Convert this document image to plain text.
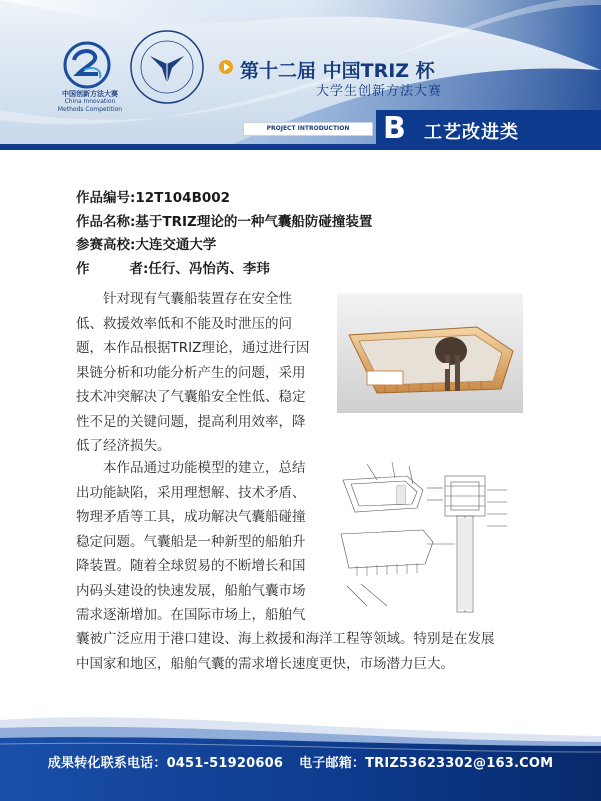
中国创新方法大赛
China Innovation
Methods Competition
第十二届 中国TRIZ 杯
大学生创新方法大赛
PROJECT INTRODUCTION	B 工艺改进类
作品编号:12T104B002
作品名称:基于TRIZ理论的一种气囊船防碰撞装置
参赛高校:大连交通大学
作	者:任行、冯怡芮、李玮
　　针对现有气囊船装置存在安全性
低、救援效率低和不能及时泄压的问
题，本作品根据TRIZ理论，通过进行因
果链分析和功能分析产生的问题，采用
技术冲突解决了气囊船安全性低、稳定
性不足的关键问题，提高利用效率，降
低了经济损失。
　　本作品通过功能模型的建立，总结
出功能缺陷，采用理想解、技术矛盾、
物理矛盾等工具，成功解决气囊船碰撞
稳定问题。气囊船是一种新型的船舶升
降装置。随着全球贸易的不断增长和国
内码头建设的快速发展，船舶气囊市场
需求逐渐增加。在国际市场上，船舶气
囊被广泛应用于港口建设、海上救援和海洋工程等领域。特别是在发展
中国家和地区，船舶气囊的需求增长速度更快，市场潜力巨大。
成果转化联系电话：0451-51920606 电子邮箱：TRIZ53623302@163.COM
